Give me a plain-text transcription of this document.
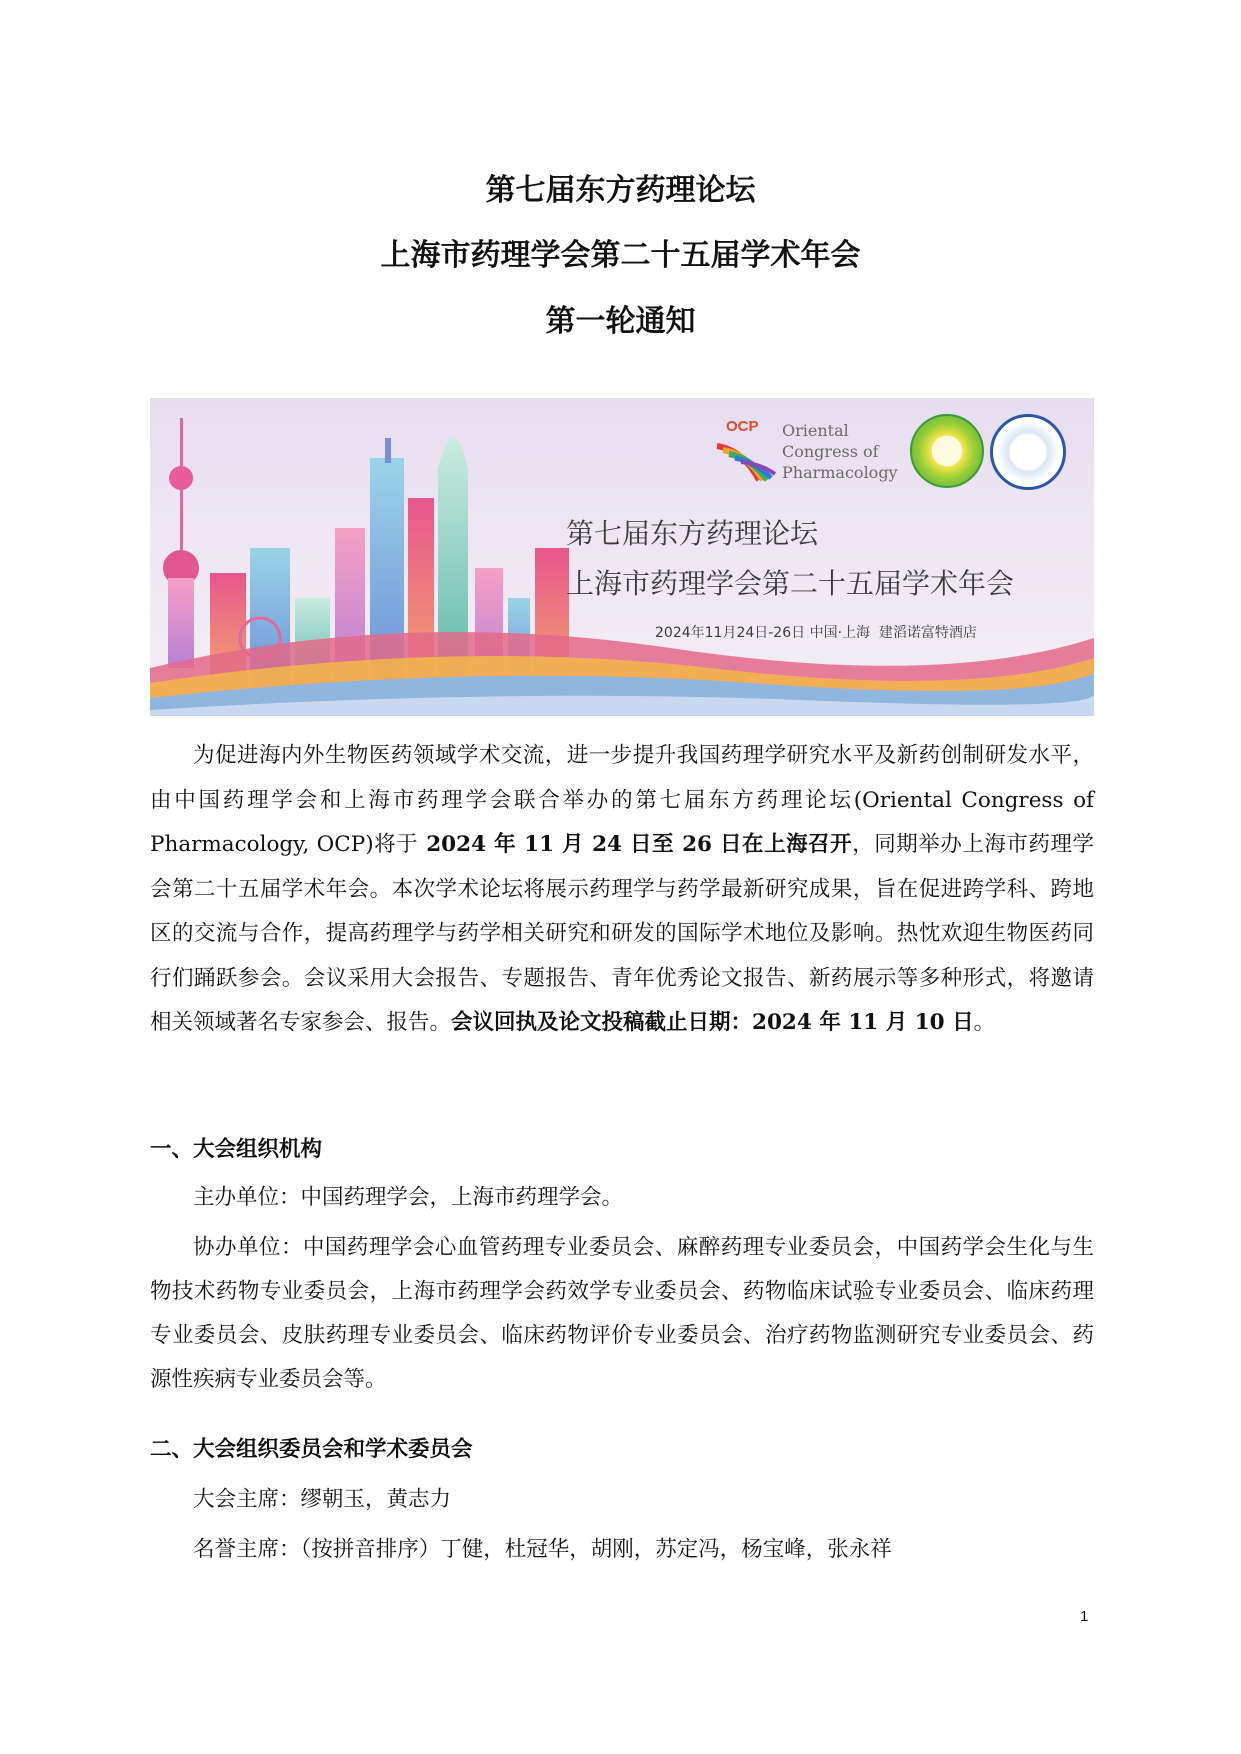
第七届东方药理论坛
上海市药理学会第二十五届学术年会
第一轮通知
OCP Oriental
Congress of
Pharmacology
第七届东方药理论坛
上海市药理学会第二十五届学术年会
2024年11月24日-26日 中国·上海  建滔诺富特酒店

为促进海内外生物医药领域学术交流，进一步提升我国药理学研究水平及新药创制研发水平，由中国药理学会和上海市药理学会联合举办的第七届东方药理论坛(Oriental Congress of Pharmacology, OCP)将于 2024 年 11 月 24 日至 26 日在上海召开，同期举办上海市药理学会第二十五届学术年会。本次学术论坛将展示药理学与药学最新研究成果，旨在促进跨学科、跨地区的交流与合作，提高药理学与药学相关研究和研发的国际学术地位及影响。热忱欢迎生物医药同行们踊跃参会。会议采用大会报告、专题报告、青年优秀论文报告、新药展示等多种形式，将邀请相关领域著名专家参会、报告。会议回执及论文投稿截止日期：2024 年 11 月 10 日。

一、大会组织机构

主办单位：中国药理学会，上海市药理学会。

协办单位：中国药理学会心血管药理专业委员会、麻醉药理专业委员会，中国药学会生化与生物技术药物专业委员会，上海市药理学会药效学专业委员会、药物临床试验专业委员会、临床药理专业委员会、皮肤药理专业委员会、临床药物评价专业委员会、治疗药物监测研究专业委员会、药源性疾病专业委员会等。

二、大会组织委员会和学术委员会

大会主席：缪朝玉，黄志力

名誉主席：（按拼音排序）丁健，杜冠华，胡刚，苏定冯，杨宝峰，张永祥

1
